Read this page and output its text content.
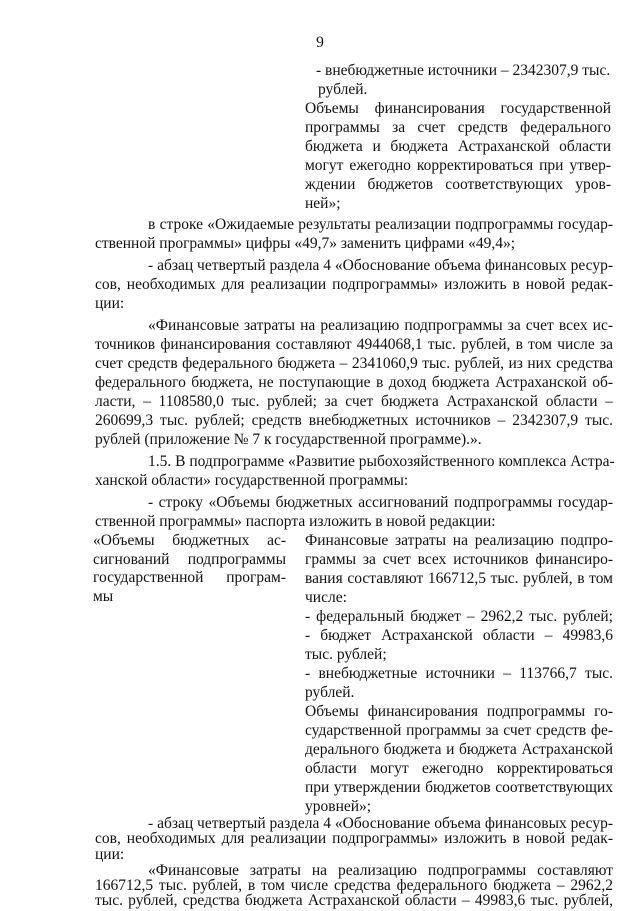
9
- внебюджетные источники – 2342307,9 тыс.
рублей.
Объемы финансирования государственной
программы за счет средств федерального
бюджета и бюджета Астраханской области
могут ежегодно корректироваться при утвер-
ждении бюджетов соответствующих уров-
ней»;
в строке «Ожидаемые результаты реализации подпрограммы государ-
ственной программы» цифры «49,7» заменить цифрами «49,4»;
- абзац четвертый раздела 4 «Обоснование объема финансовых ресур-
сов, необходимых для реализации подпрограммы» изложить в новой редак-
ции:
«Финансовые затраты на реализацию подпрограммы за счет всех ис-
точников финансирования составляют 4944068,1 тыс. рублей, в том числе за
счет средств федерального бюджета – 2341060,9 тыс. рублей, из них средства
федерального бюджета, не поступающие в доход бюджета Астраханской об-
ласти, – 1108580,0 тыс. рублей; за счет бюджета Астраханской области –
260699,3 тыс. рублей; средств внебюджетных источников – 2342307,9 тыс.
рублей (приложение № 7 к государственной программе).».
1.5. В подпрограмме «Развитие рыбохозяйственного комплекса Астра-
ханской области» государственной программы:
- строку «Объемы бюджетных ассигнований подпрограммы государ-
ственной программы» паспорта изложить в новой редакции:
«Объемы бюджетных ас-
сигнований подпрограммы
государственной програм-
мы
Финансовые затраты на реализацию подпро-
граммы за счет всех источников финансиро-
вания составляют 166712,5 тыс. рублей, в том
числе:
- федеральный бюджет – 2962,2 тыс. рублей;
- бюджет Астраханской области – 49983,6
тыс. рублей;
- внебюджетные источники – 113766,7 тыс.
рублей.
Объемы финансирования подпрограммы го-
сударственной программы за счет средств фе-
дерального бюджета и бюджета Астраханской
области могут ежегодно корректироваться
при утверждении бюджетов соответствующих
уровней»;
- абзац четвертый раздела 4 «Обоснование объема финансовых ресур-
сов, необходимых для реализации подпрограммы» изложить в новой редак-
ции:
«Финансовые затраты на реализацию подпрограммы составляют
166712,5 тыс. рублей, в том числе средства федерального бюджета – 2962,2
тыс. рублей, средства бюджета Астраханской области – 49983,6 тыс. рублей,
